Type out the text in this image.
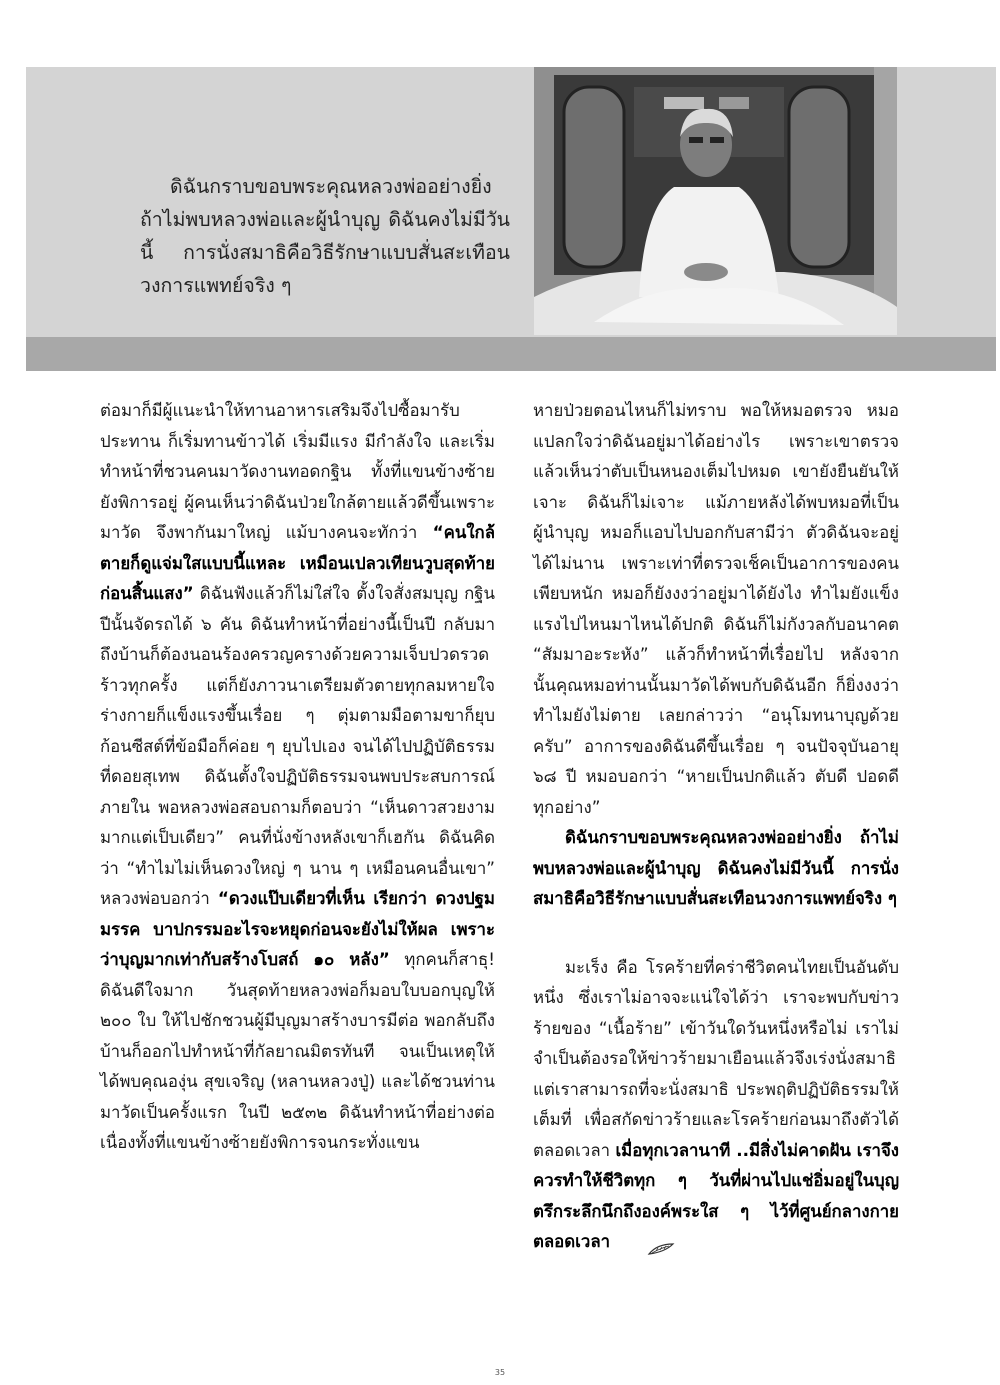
ดิฉันกราบขอบพระคุณหลวงพ่ออย่างยิ่ง ถ้าไม่พบหลวงพ่อและผู้นำบุญ ดิฉันคงไม่มีวันนี้ การนั่งสมาธิคือวิธีรักษาแบบสั่นสะเทือนวงการแพทย์จริง ๆ

ต่อมาก็มีผู้แนะนำให้ทานอาหารเสริมจึงไปซื้อมารับประทาน ก็เริ่มทานข้าวได้ เริ่มมีแรง มีกำลังใจ และเริ่มทำหน้าที่ชวนคนมาวัดงานทอดกฐิน ทั้งที่แขนข้างซ้ายยังพิการอยู่ ผู้คนเห็นว่าดิฉันป่วยใกล้ตายแล้วดีขึ้นเพราะมาวัด จึงพากันมาใหญ่ แม้บางคนจะทักว่า “คนใกล้ตายก็ดูแจ่มใสแบบนี้แหละ เหมือนเปลวเทียนวูบสุดท้ายก่อนสิ้นแสง” ดิฉันฟังแล้วก็ไม่ใส่ใจ ตั้งใจสั่งสมบุญ กฐินปีนั้นจัดรถได้ ๖ คัน ดิฉันทำหน้าที่อย่างนี้เป็นปี กลับมาถึงบ้านก็ต้องนอนร้องครวญครางด้วยความเจ็บปวดรวดร้าวทุกครั้ง แต่ก็ยังภาวนาเตรียมตัวตายทุกลมหายใจ ร่างกายก็แข็งแรงขึ้นเรื่อย ๆ ตุ่มตามมือตามขาก็ยุบ ก้อนซีสต์ที่ข้อมือก็ค่อย ๆ ยุบไปเอง จนได้ไปปฏิบัติธรรมที่ดอยสุเทพ ดิฉันตั้งใจปฏิบัติธรรมจนพบประสบการณ์ภายใน พอหลวงพ่อสอบถามก็ตอบว่า “เห็นดาวสวยงามมากแต่เป็บเดียว” คนที่นั่งข้างหลังเขาก็เฮกัน ดิฉันคิดว่า “ทำไมไม่เห็นดวงใหญ่ ๆ นาน ๆ เหมือนคนอื่นเขา” หลวงพ่อบอกว่า “ดวงแป๊บเดียวที่เห็น เรียกว่า ดวงปฐมมรรค บาปกรรมอะไรจะหยุดก่อนจะยังไม่ให้ผล เพราะว่าบุญมากเท่ากับสร้างโบสถ์ ๑๐ หลัง” ทุกคนก็สาธุ! ดิฉันดีใจมาก วันสุดท้ายหลวงพ่อก็มอบใบบอกบุญให้ ๒๐๐ ใบ ให้ไปชักชวนผู้มีบุญมาสร้างบารมีต่อ พอกลับถึงบ้านก็ออกไปทำหน้าที่กัลยาณมิตรทันที จนเป็นเหตุให้ได้พบคุณองุ่น สุขเจริญ (หลานหลวงปู่) และได้ชวนท่านมาวัดเป็นครั้งแรก ในปี ๒๕๓๒ ดิฉันทำหน้าที่อย่างต่อเนื่องทั้งที่แขนข้างซ้ายยังพิการจนกระทั่งแขน

หายป่วยตอนไหนก็ไม่ทราบ พอให้หมอตรวจ หมอแปลกใจว่าดิฉันอยู่มาได้อย่างไร เพราะเขาตรวจแล้วเห็นว่าตับเป็นหนองเต็มไปหมด เขายังยืนยันให้เจาะ ดิฉันก็ไม่เจาะ แม้ภายหลังได้พบหมอที่เป็นผู้นำบุญ หมอก็แอบไปบอกกับสามีว่า ตัวดิฉันจะอยู่ได้ไม่นาน เพราะเท่าที่ตรวจเช็คเป็นอาการของคนเพียบหนัก หมอก็ยังงงว่าอยู่มาได้ยังไง ทำไมยังแข็งแรงไปไหนมาไหนได้ปกติ ดิฉันก็ไม่กังวลกับอนาคต “สัมมาอะระหัง” แล้วก็ทำหน้าที่เรื่อยไป หลังจากนั้นคุณหมอท่านนั้นมาวัดได้พบกับดิฉันอีก ก็ยิ่งงงว่าทำไมยังไม่ตาย เลยกล่าวว่า “อนุโมทนาบุญด้วยครับ” อาการของดิฉันดีขึ้นเรื่อย ๆ จนปัจจุบันอายุ ๖๘ ปี หมอบอกว่า “หายเป็นปกติแล้ว ตับดี ปอดดี ทุกอย่าง”

ดิฉันกราบขอบพระคุณหลวงพ่ออย่างยิ่ง ถ้าไม่พบหลวงพ่อและผู้นำบุญ ดิฉันคงไม่มีวันนี้ การนั่งสมาธิคือวิธีรักษาแบบสั่นสะเทือนวงการแพทย์จริง ๆ

มะเร็ง คือ โรคร้ายที่คร่าชีวิตคนไทยเป็นอันดับหนึ่ง ซึ่งเราไม่อาจจะแน่ใจได้ว่า เราจะพบกับข่าวร้ายของ “เนื้อร้าย” เข้าวันใดวันหนึ่งหรือไม่ เราไม่จำเป็นต้องรอให้ข่าวร้ายมาเยือนแล้วจึงเร่งนั่งสมาธิ แต่เราสามารถที่จะนั่งสมาธิ ประพฤติปฏิบัติธรรมให้เต็มที่ เพื่อสกัดข่าวร้ายและโรคร้ายก่อนมาถึงตัวได้ตลอดเวลา เมื่อทุกเวลานาที ..มีสิ่งไม่คาดฝัน เราจึงควรทำให้ชีวิตทุก ๆ วันที่ผ่านไปแช่อิ่มอยู่ในบุญ ตรึกระลึกนึกถึงองค์พระใส ๆ ไว้ที่ศูนย์กลางกายตลอดเวลา

35
